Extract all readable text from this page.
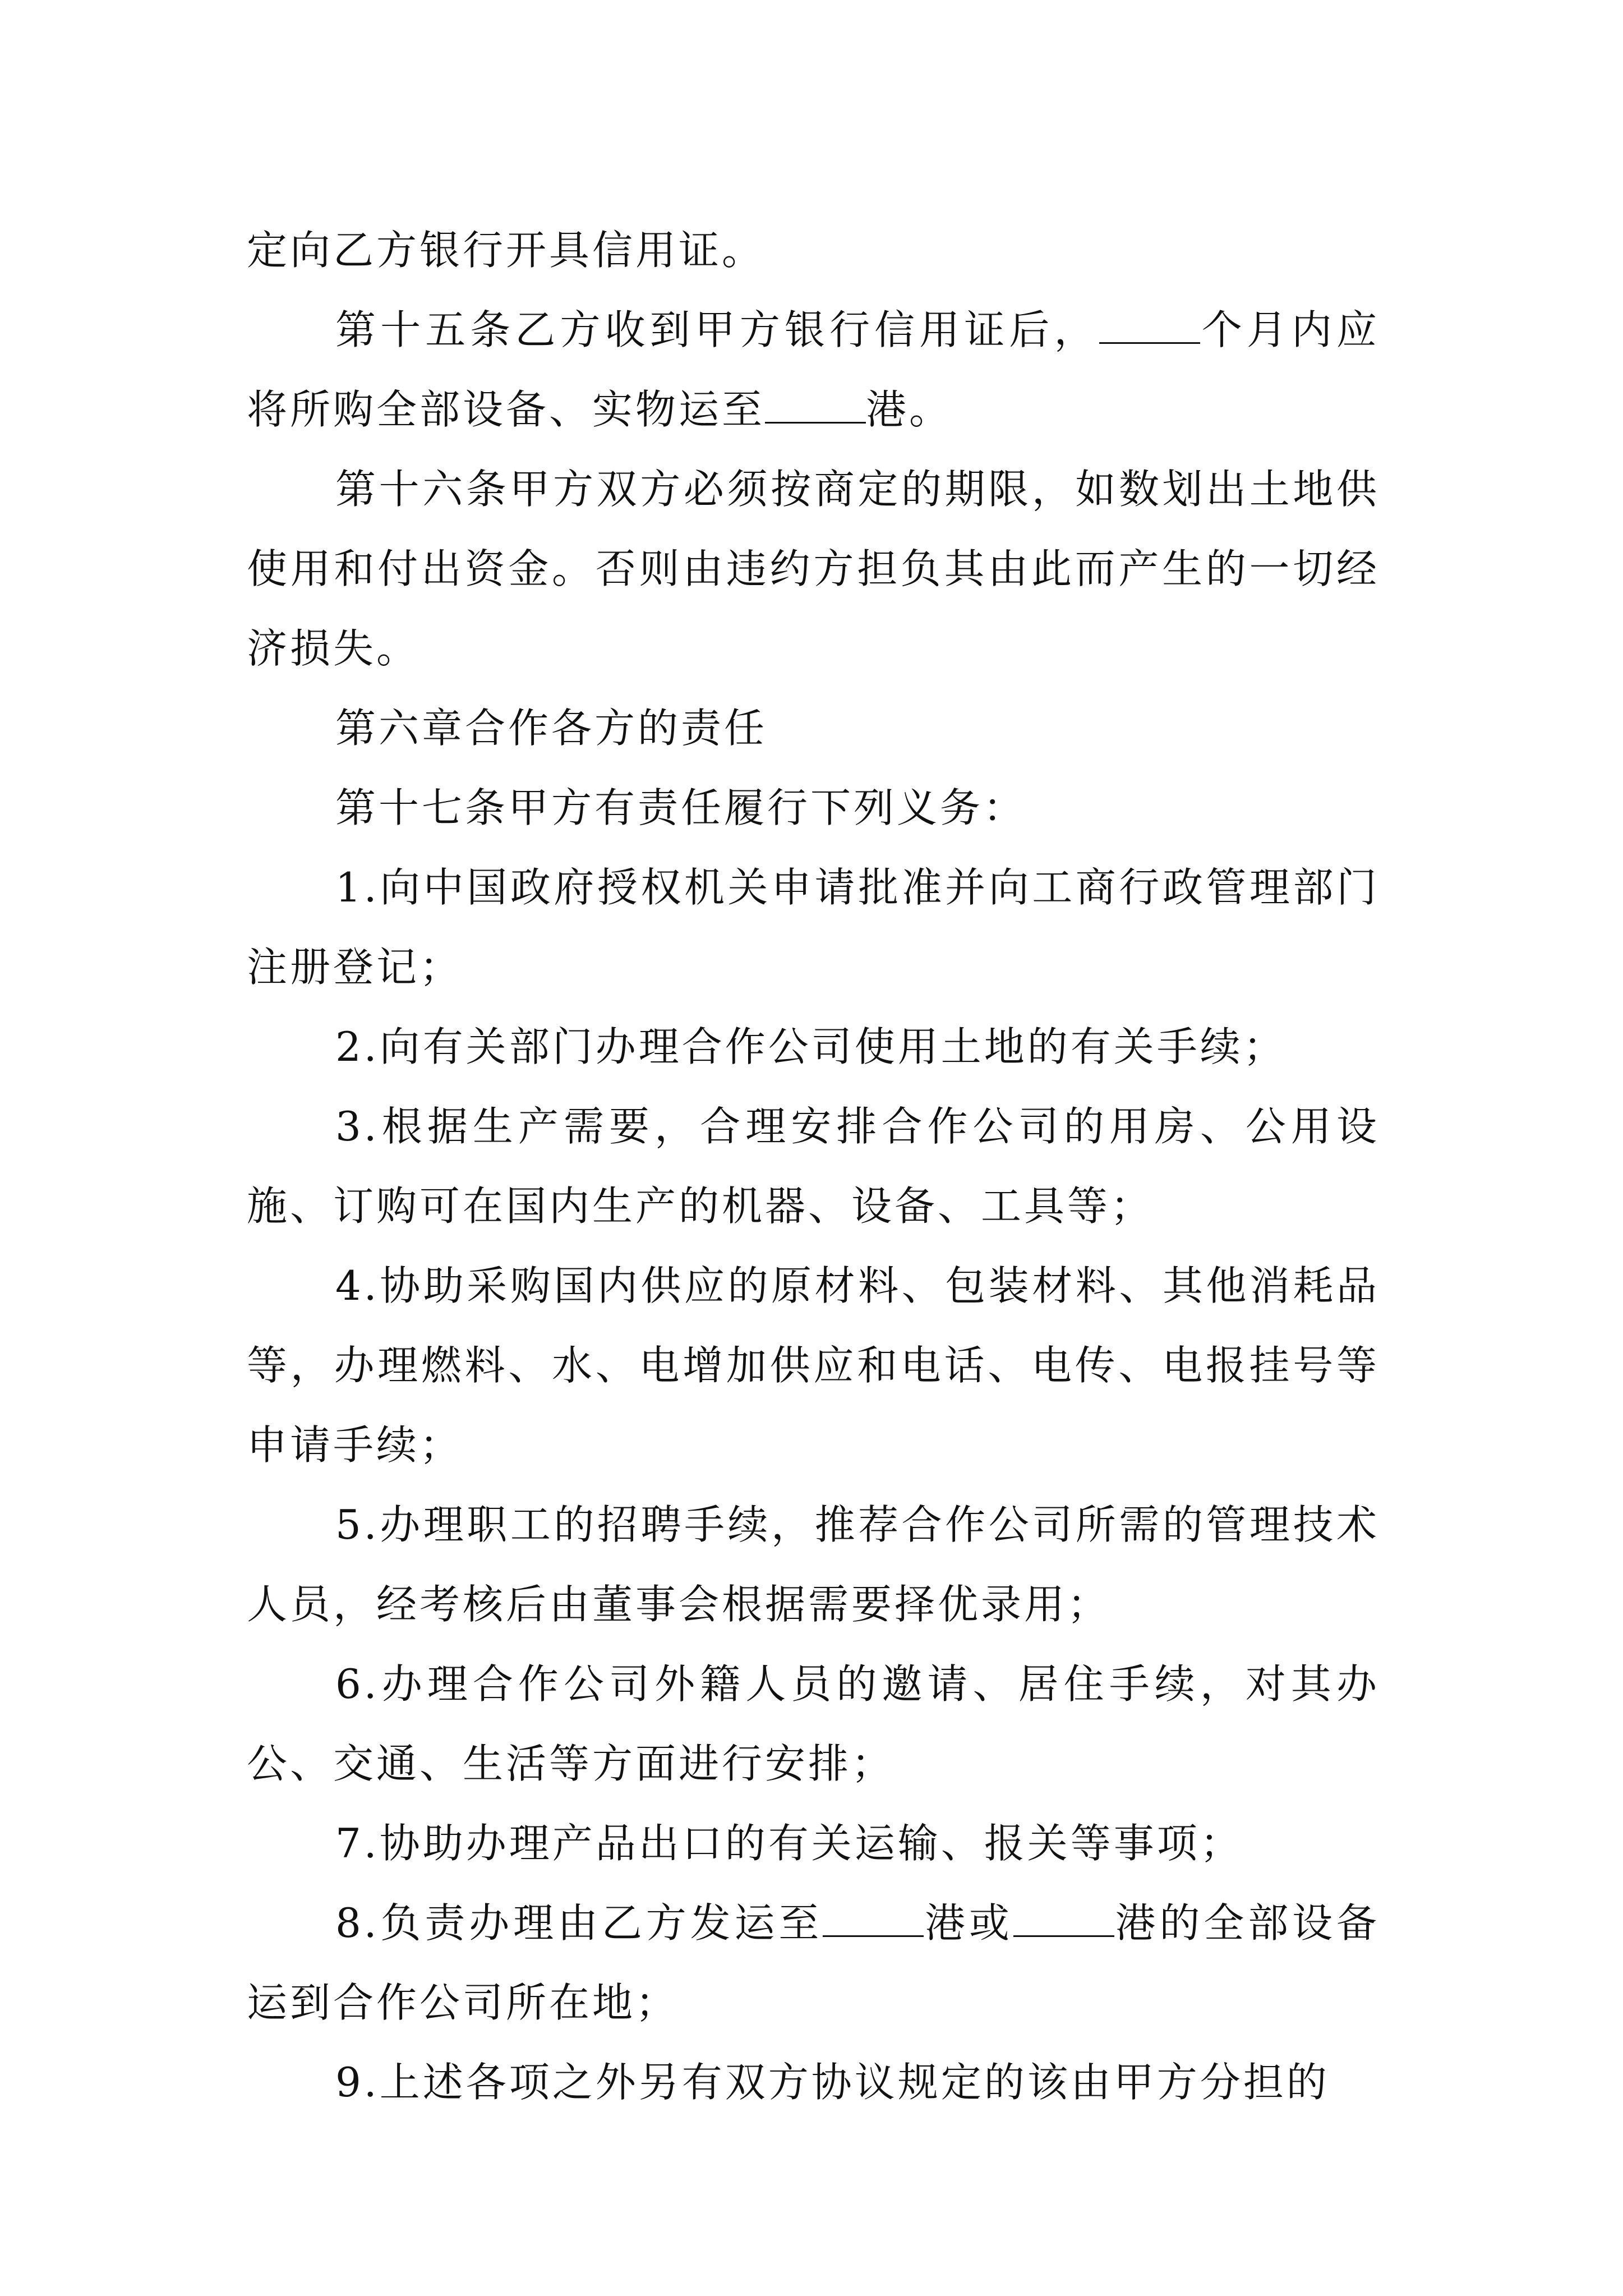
定向乙方银行开具信用证。

第十五条乙方收到甲方银行信用证后，	个月内应将所购全部设备、实物运至	港。

第十六条甲方双方必须按商定的期限，如数划出土地供使用和付出资金。否则由违约方担负其由此而产生的一切经济损失。

第六章合作各方的责任

第十七条甲方有责任履行下列义务：

1.向中国政府授权机关申请批准并向工商行政管理部门注册登记；

2.向有关部门办理合作公司使用土地的有关手续；

3.根据生产需要，合理安排合作公司的用房、公用设施、订购可在国内生产的机器、设备、工具等；

4.协助采购国内供应的原材料、包装材料、其他消耗品等，办理燃料、水、电增加供应和电话、电传、电报挂号等申请手续；

5.办理职工的招聘手续，推荐合作公司所需的管理技术人员，经考核后由董事会根据需要择优录用；

6.办理合作公司外籍人员的邀请、居住手续，对其办公、交通、生活等方面进行安排；

7.协助办理产品出口的有关运输、报关等事项；

8.负责办理由乙方发运至	港或	港的全部设备运到合作公司所在地；

9.上述各项之外另有双方协议规定的该由甲方分担的
